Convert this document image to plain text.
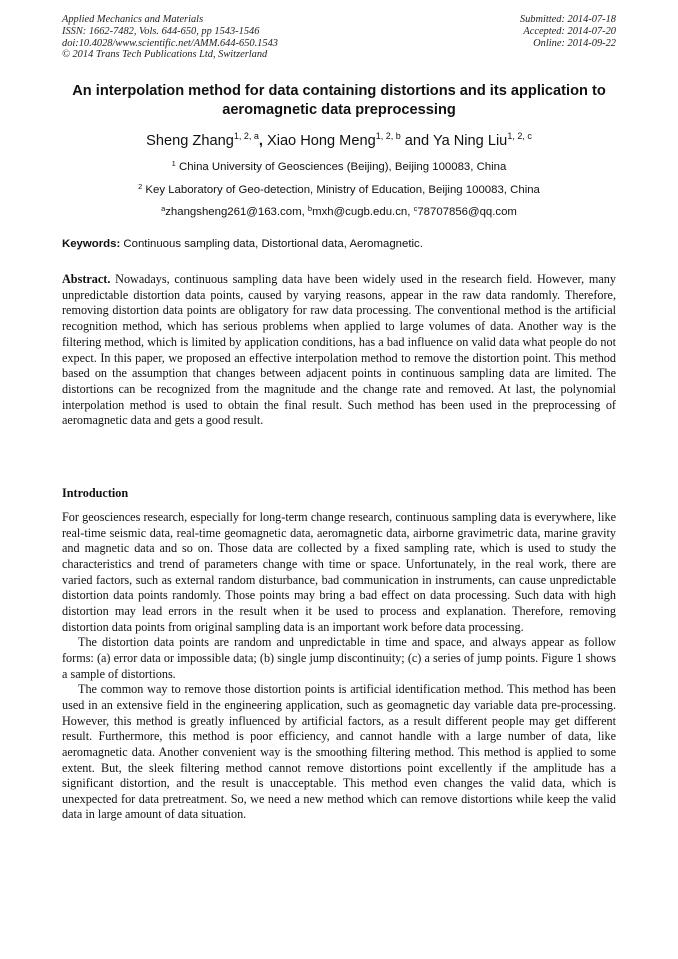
Applied Mechanics and Materials
ISSN: 1662-7482, Vols. 644-650, pp 1543-1546
doi:10.4028/www.scientific.net/AMM.644-650.1543
© 2014 Trans Tech Publications Ltd, Switzerland
Submitted: 2014-07-18
Accepted: 2014-07-20
Online: 2014-09-22
An interpolation method for data containing distortions and its application to aeromagnetic data preprocessing
Sheng Zhang$^{1, 2, a}$, Xiao Hong Meng$^{1, 2, b}$ and Ya Ning Liu$^{1, 2, c}$
$^1$ China University of Geosciences (Beijing), Beijing 100083, China
$^2$ Key Laboratory of Geo-detection, Ministry of Education, Beijing 100083, China
$^a$zhangsheng261@163.com, $^b$mxh@cugb.edu.cn, $^c$78707856@qq.com
Keywords: Continuous sampling data, Distortional data, Aeromagnetic.

Abstract. Nowadays, continuous sampling data have been widely used in the research field. However, many unpredictable distortion data points, caused by varying reasons, appear in the raw data randomly. Therefore, removing distortion data points are obligatory for raw data processing. The conventional method is the artificial recognition method, which has serious problems when applied to large volumes of data. Another way is the filtering method, which is limited by application conditions, has a bad influence on valid data what people do not expect. In this paper, we proposed an effective interpolation method to remove the distortion point. This method based on the assumption that changes between adjacent points in continuous sampling data are limited. The distortions can be recognized from the magnitude and the change rate and removed. At last, the polynomial interpolation method is used to obtain the final result. Such method has been used in the preprocessing of aeromagnetic data and gets a good result.

Introduction

For geosciences research, especially for long-term change research, continuous sampling data is everywhere, like real-time seismic data, real-time geomagnetic data, aeromagnetic data, airborne gravimetric data, marine gravity and magnetic data and so on. Those data are collected by a fixed sampling rate, which is used to study the characteristics and trend of parameters change with time or space. Unfortunately, in the real work, there are varied factors, such as external random disturbance, bad communication in instruments, can cause unpredictable distortion data points randomly. Those points may bring a bad effect on data processing. Such data with high distortion may lead errors in the result when it be used to process and explanation. Therefore, removing distortion data points from original sampling data is an important work before data processing.

The distortion data points are random and unpredictable in time and space, and always appear as follow forms: (a) error data or impossible data; (b) single jump discontinuity; (c) a series of jump points. Figure 1 shows a sample of distortions.

The common way to remove those distortion points is artificial identification method. This method has been used in an extensive field in the engineering application, such as geomagnetic day variable data pre-processing. However, this method is greatly influenced by artificial factors, as a result different people may get different result. Furthermore, this method is poor efficiency, and cannot handle with a large number of data, like aeromagnetic data. Another convenient way is the smoothing filtering method. This method is applied to some extent. But, the sleek filtering method cannot remove distortions point excellently if the amplitude has a significant distortion, and the result is unacceptable. This method even changes the valid data, which is unexpected for data pretreatment. So, we need a new method which can remove distortions while keep the valid data in large amount of data situation.
